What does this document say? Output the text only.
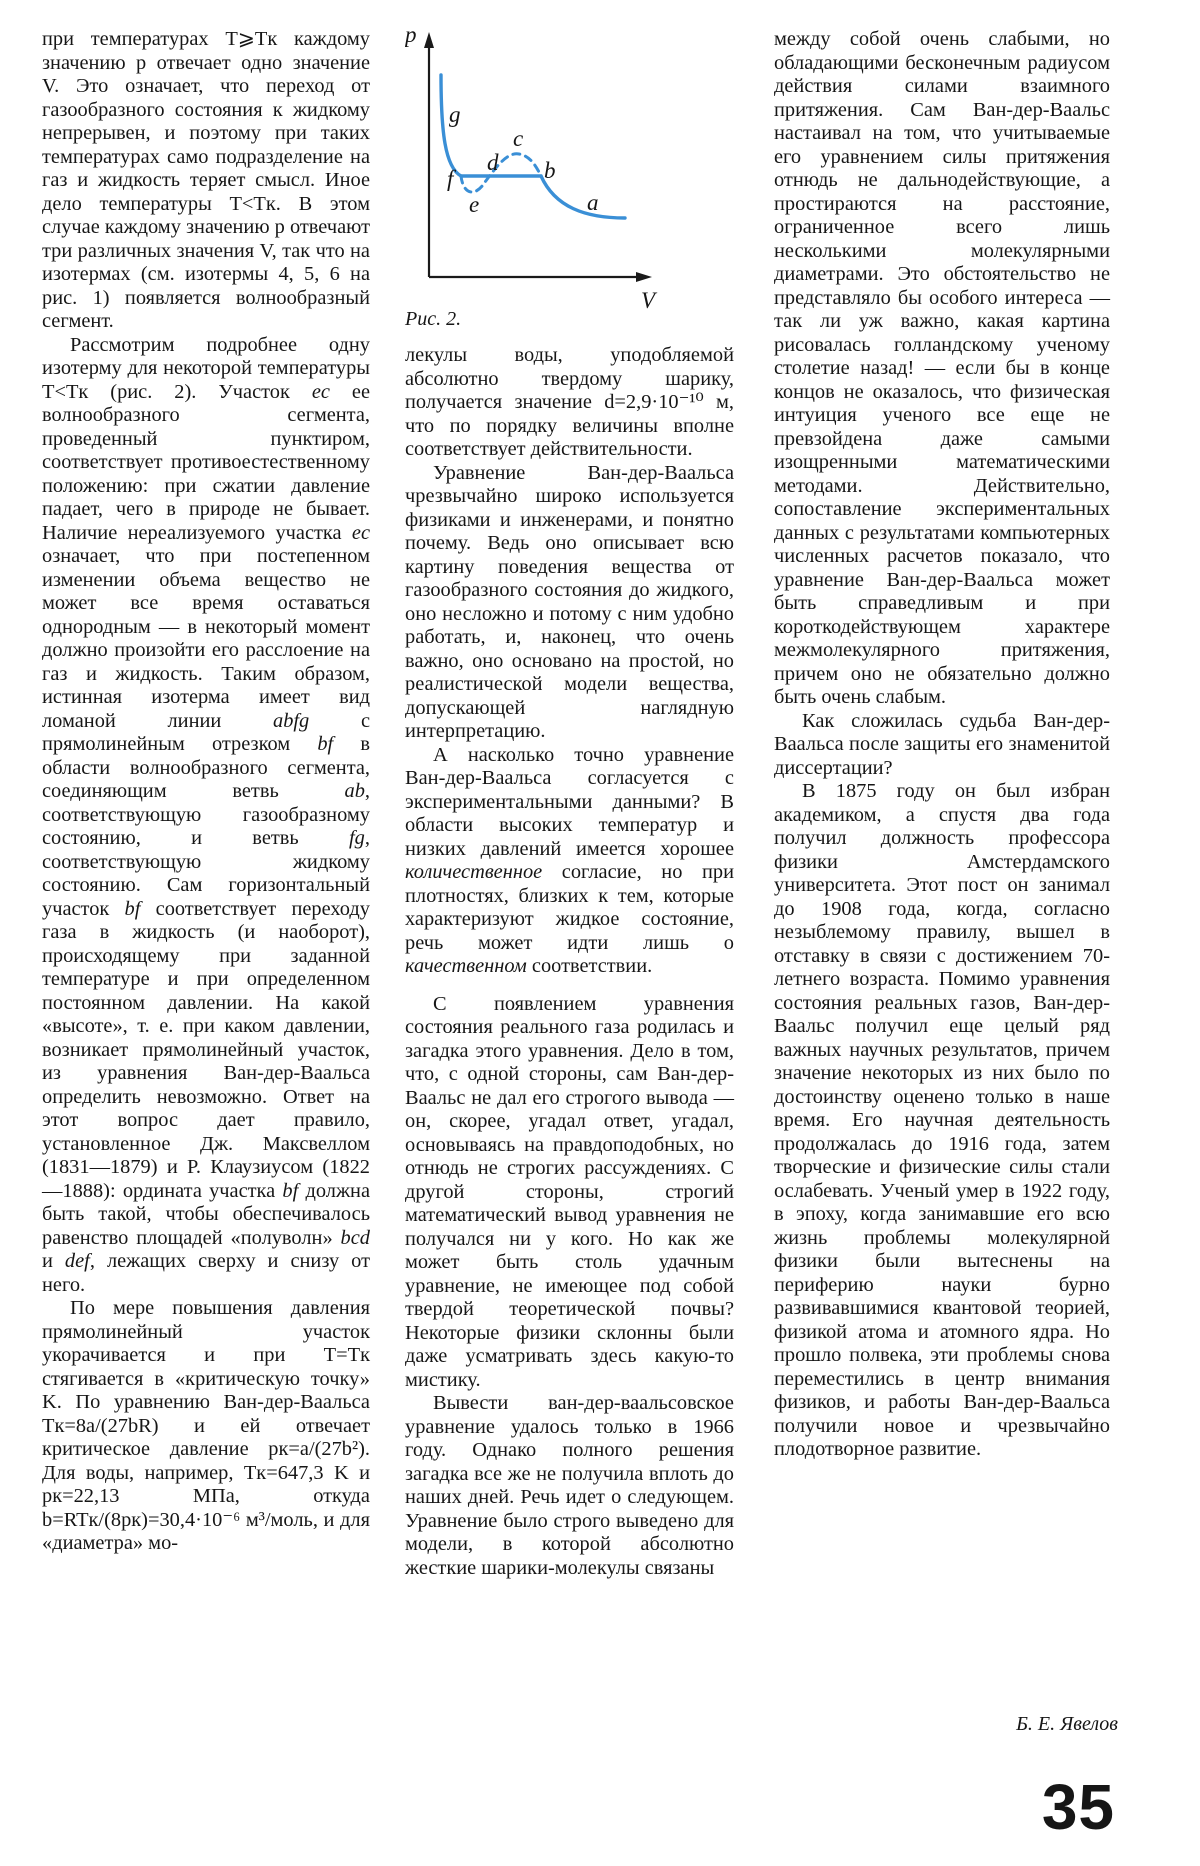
при температурах T⩾Tк каждому значению p отвечает одно значение V. Это означает, что переход от газообразного состояния к жидкому непрерывен, и поэтому при таких температурах само подразделение на газ и жидкость теряет смысл. Иное дело температуры T<Tк. В этом случае каждому значению p отвечают три различных значения V, так что на изотермах (см. изотермы 4, 5, 6 на рис. 1) появляется волнообразный сегмент.

Рассмотрим подробнее одну изотерму для некоторой температуры T<Tк (рис. 2). Участок ec ее волнообразного сегмента, проведенный пунктиром, соответствует противоестественному положению: при сжатии давление падает, чего в природе не бывает. Наличие нереализуемого участка ec означает, что при постепенном изменении объема вещество не может все время оставаться однородным — в некоторый момент должно произойти его расслоение на газ и жидкость. Таким образом, истинная изотерма имеет вид ломаной линии abfg с прямолинейным отрезком bf в области волнообразного сегмента, соединяющим ветвь ab, соответствующую газообразному состоянию, и ветвь fg, соответствующую жидкому состоянию. Сам горизонтальный участок bf соответствует переходу газа в жидкость (и наоборот), происходящему при заданной температуре и при определенном постоянном давлении. На какой «высоте», т. е. при каком давлении, возникает прямолинейный участок, из уравнения Ван-дер-Ваальса определить невозможно. Ответ на этот вопрос дает правило, установленное Дж. Максвеллом (1831—1879) и Р. Клаузиусом (1822—1888): ордината участка bf должна быть такой, чтобы обеспечивалось равенство площадей «полуволн» bcd и def, лежащих сверху и снизу от него.

По мере повышения давления прямолинейный участок укорачивается и при T=Tк стягивается в «критическую точку» K. По уравнению Ван-дер-Ваальса Tк=8a/(27bR) и ей отвечает критическое давление pк=a/(27b²). Для воды, например, Tк=647,3 K и pк=22,13 МПа, откуда b=RTк/(8pк)=30,4·10⁻⁶ м³/моль, и для «диаметра» мо-

p
V
g
f
d
c
b
e	a
Рис. 2.

лекулы воды, уподобляемой абсолютно твердому шарику, получается значение d=2,9·10⁻¹⁰ м, что по порядку величины вполне соответствует действительности.

Уравнение Ван-дер-Ваальса чрезвычайно широко используется физиками и инженерами, и понятно почему. Ведь оно описывает всю картину поведения вещества от газообразного состояния до жидкого, оно несложно и потому с ним удобно работать, и, наконец, что очень важно, оно основано на простой, но реалистической модели вещества, допускающей наглядную интерпретацию.

А насколько точно уравнение Ван-дер-Ваальса согласуется с экспериментальными данными? В области высоких температур и низких давлений имеется хорошее количественное согласие, но при плотностях, близких к тем, которые характеризуют жидкое состояние, речь может идти лишь о качественном соответствии.

С появлением уравнения состояния реального газа родилась и загадка этого уравнения. Дело в том, что, с одной стороны, сам Ван-дер-Ваальс не дал его строгого вывода — он, скорее, угадал ответ, угадал, основываясь на правдоподобных, но отнюдь не строгих рассуждениях. С другой стороны, строгий математический вывод уравнения не получался ни у кого. Но как же может быть столь удачным уравнение, не имеющее под собой твердой теоретической почвы? Некоторые физики склонны были даже усматривать здесь какую-то мистику.

Вывести ван-дер-ваальсовское уравнение удалось только в 1966 году. Однако полного решения загадка все же не получила вплоть до наших дней. Речь идет о следующем. Уравнение было строго выведено для модели, в которой абсолютно жесткие шарики-молекулы связаны

между собой очень слабыми, но обладающими бесконечным радиусом действия силами взаимного притяжения. Сам Ван-дер-Ваальс настаивал на том, что учитываемые его уравнением силы притяжения отнюдь не дальнодействующие, а простираются на расстояние, ограниченное всего лишь несколькими молекулярными диаметрами. Это обстоятельство не представляло бы особого интереса — так ли уж важно, какая картина рисовалась голландскому ученому столетие назад! — если бы в конце концов не оказалось, что физическая интуиция ученого все еще не превзойдена даже самыми изощренными математическими методами. Действительно, сопоставление экспериментальных данных с результатами компьютерных численных расчетов показало, что уравнение Ван-дер-Ваальса может быть справедливым и при короткодействующем характере межмолекулярного притяжения, причем оно не обязательно должно быть очень слабым.

Как сложилась судьба Ван-дер-Ваальса после защиты его знаменитой диссертации?

В 1875 году он был избран академиком, а спустя два года получил должность профессора физики Амстердамского университета. Этот пост он занимал до 1908 года, когда, согласно незыблемому правилу, вышел в отставку в связи с достижением 70-летнего возраста. Помимо уравнения состояния реальных газов, Ван-дер-Ваальс получил еще целый ряд важных научных результатов, причем значение некоторых из них было по достоинству оценено только в наше время. Его научная деятельность продолжалась до 1916 года, затем творческие и физические силы стали ослабевать. Ученый умер в 1922 году, в эпоху, когда занимавшие его всю жизнь проблемы молекулярной физики были вытеснены на периферию науки бурно развивавшимися квантовой теорией, физикой атома и атомного ядра. Но прошло полвека, эти проблемы снова переместились в центр внимания физиков, и работы Ван-дер-Ваальса получили новое и чрезвычайно плодотворное развитие.

Б. Е. Явелов
35
